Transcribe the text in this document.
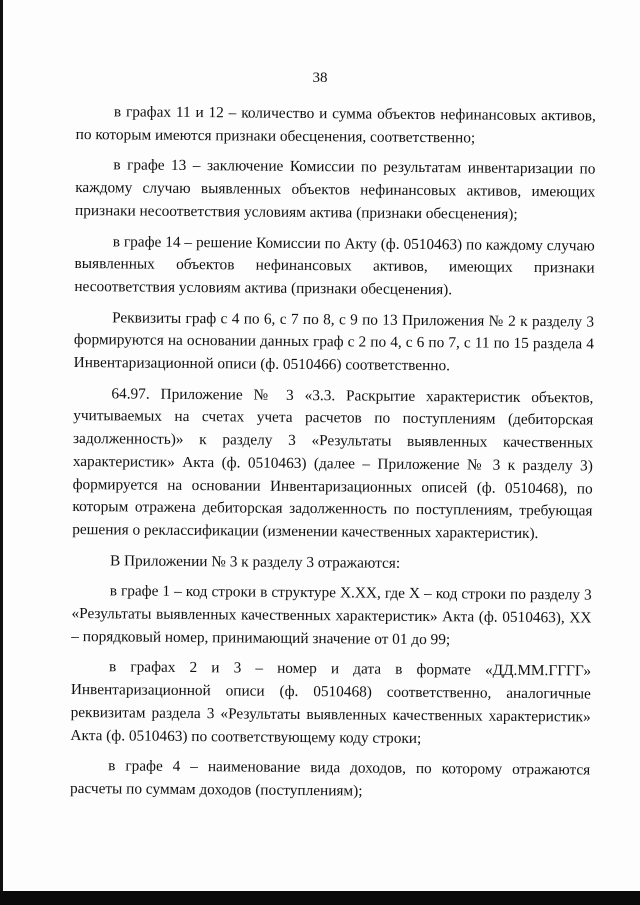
38

в графах 11 и 12 – количество и сумма объектов нефинансовых активов, по которым имеются признаки обесценения, соответственно;

в графе 13 – заключение Комиссии по результатам инвентаризации по каждому случаю выявленных объектов нефинансовых активов, имеющих признаки несоответствия условиям актива (признаки обесценения);

в графе 14 – решение Комиссии по Акту (ф. 0510463) по каждому случаю выявленных объектов нефинансовых активов, имеющих признаки несоответствия условиям актива (признаки обесценения).

Реквизиты граф с 4 по 6, с 7 по 8, с 9 по 13 Приложения № 2 к разделу 3 формируются на основании данных граф с 2 по 4, с 6 по 7, с 11 по 15 раздела 4 Инвентаризационной описи (ф. 0510466) соответственно.

64.97. Приложение № 3 «3.3. Раскрытие характеристик объектов, учитываемых на счетах учета расчетов по поступлениям (дебиторская задолженность)» к разделу 3 «Результаты выявленных качественных характеристик» Акта (ф. 0510463) (далее – Приложение № 3 к разделу 3) формируется на основании Инвентаризационных описей (ф. 0510468), по которым отражена дебиторская задолженность по поступлениям, требующая решения о реклассификации (изменении качественных характеристик).

В Приложении № 3 к разделу 3 отражаются:

в графе 1 – код строки в структуре Х.ХХ, где Х – код строки по разделу 3 «Результаты выявленных качественных характеристик» Акта (ф. 0510463), ХХ – порядковый номер, принимающий значение от 01 до 99;

в графах 2 и 3 – номер и дата в формате «ДД.ММ.ГГГГ» Инвентаризационной описи (ф. 0510468) соответственно, аналогичные реквизитам раздела 3 «Результаты выявленных качественных характеристик» Акта (ф. 0510463) по соответствующему коду строки;

в графе 4 – наименование вида доходов, по которому отражаются расчеты по суммам доходов (поступлениям);
